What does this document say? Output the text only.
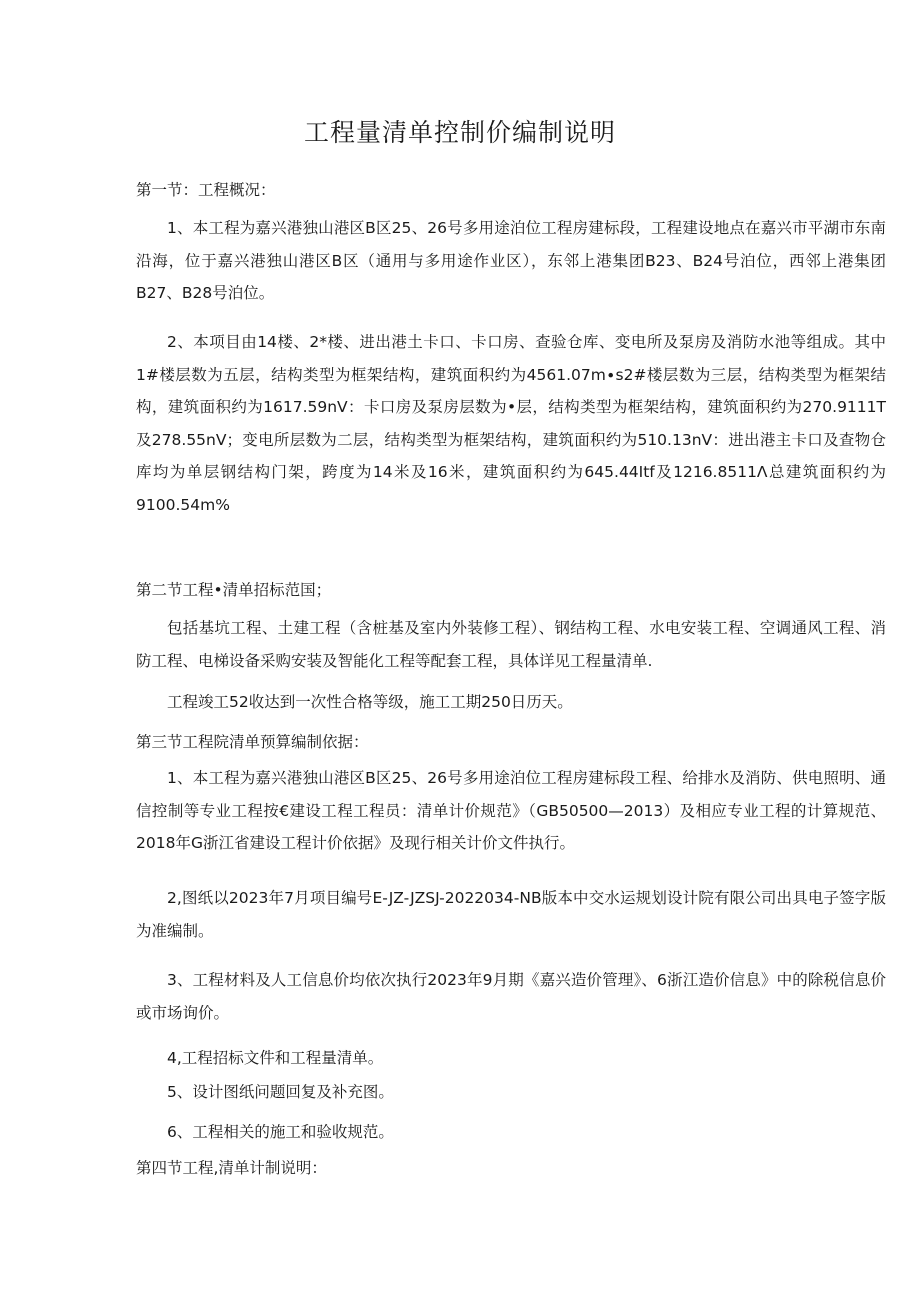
工程量清单控制价编制说明
第一节：工程概况：

1、本工程为嘉兴港独山港区B区25、26号多用途泊位工程房建标段，工程建设地点在嘉兴市平湖市东南沿海，位于嘉兴港独山港区B区（通用与多用途作业区），东邻上港集团B23、B24号泊位，西邻上港集团B27、B28号泊位。

2、本项目由14楼、2*楼、进出港土卡口、卡口房、查验仓库、变电所及泵房及消防水池等组成。其中1#楼层数为五层，结构类型为框架结构，建筑面积约为4561.07m∙s2#楼层数为三层，结构类型为框架结构，建筑面积约为1617.59nV：卡口房及泵房层数为•层，结构类型为框架结构，建筑面积约为270.9111T及278.55nV；变电所层数为二层，结构类型为框架结构，建筑面积约为510.13nV：进出港主卡口及查物仓库均为单层钢结构门架，跨度为14米及16米，建筑面积约为645.44Itf及1216.8511Λ总建筑面积约为9100.54m%

第二节工程•清单招标范国；

包括基坑工程、土建工程（含桩基及室内外装修工程）、钢结构工程、水电安装工程、空调通风工程、消防工程、电梯设备采购安装及智能化工程等配套工程，具体详见工程量清单.

工程竣工52收达到一次性合格等级，施工工期250日历天。

第三节工程院清单预算编制依据：

1、本工程为嘉兴港独山港区B区25、26号多用途泊位工程房建标段工程、给排水及消防、供电照明、通信控制等专业工程按€建设工程工程员：清单计价规范》（GB50500—2013）及相应专业工程的计算规范、2018年G浙江省建设工程计价依据》及现行相关计价文件执行。

2,图纸以2023年7月项目编号E-JZ-JZSJ-2022034-NB版本中交水运规划设计院有限公司出具电子签字版为准编制。

3、工程材料及人工信息价均依次执行2023年9月期《嘉兴造价管理》、6浙江造价信息》中的除税信息价或市场询价。

4,工程招标文件和工程量清单。

5、设计图纸问题回复及补充图。

6、工程相关的施工和验收规范。

第四节工程,清单计制说明：
